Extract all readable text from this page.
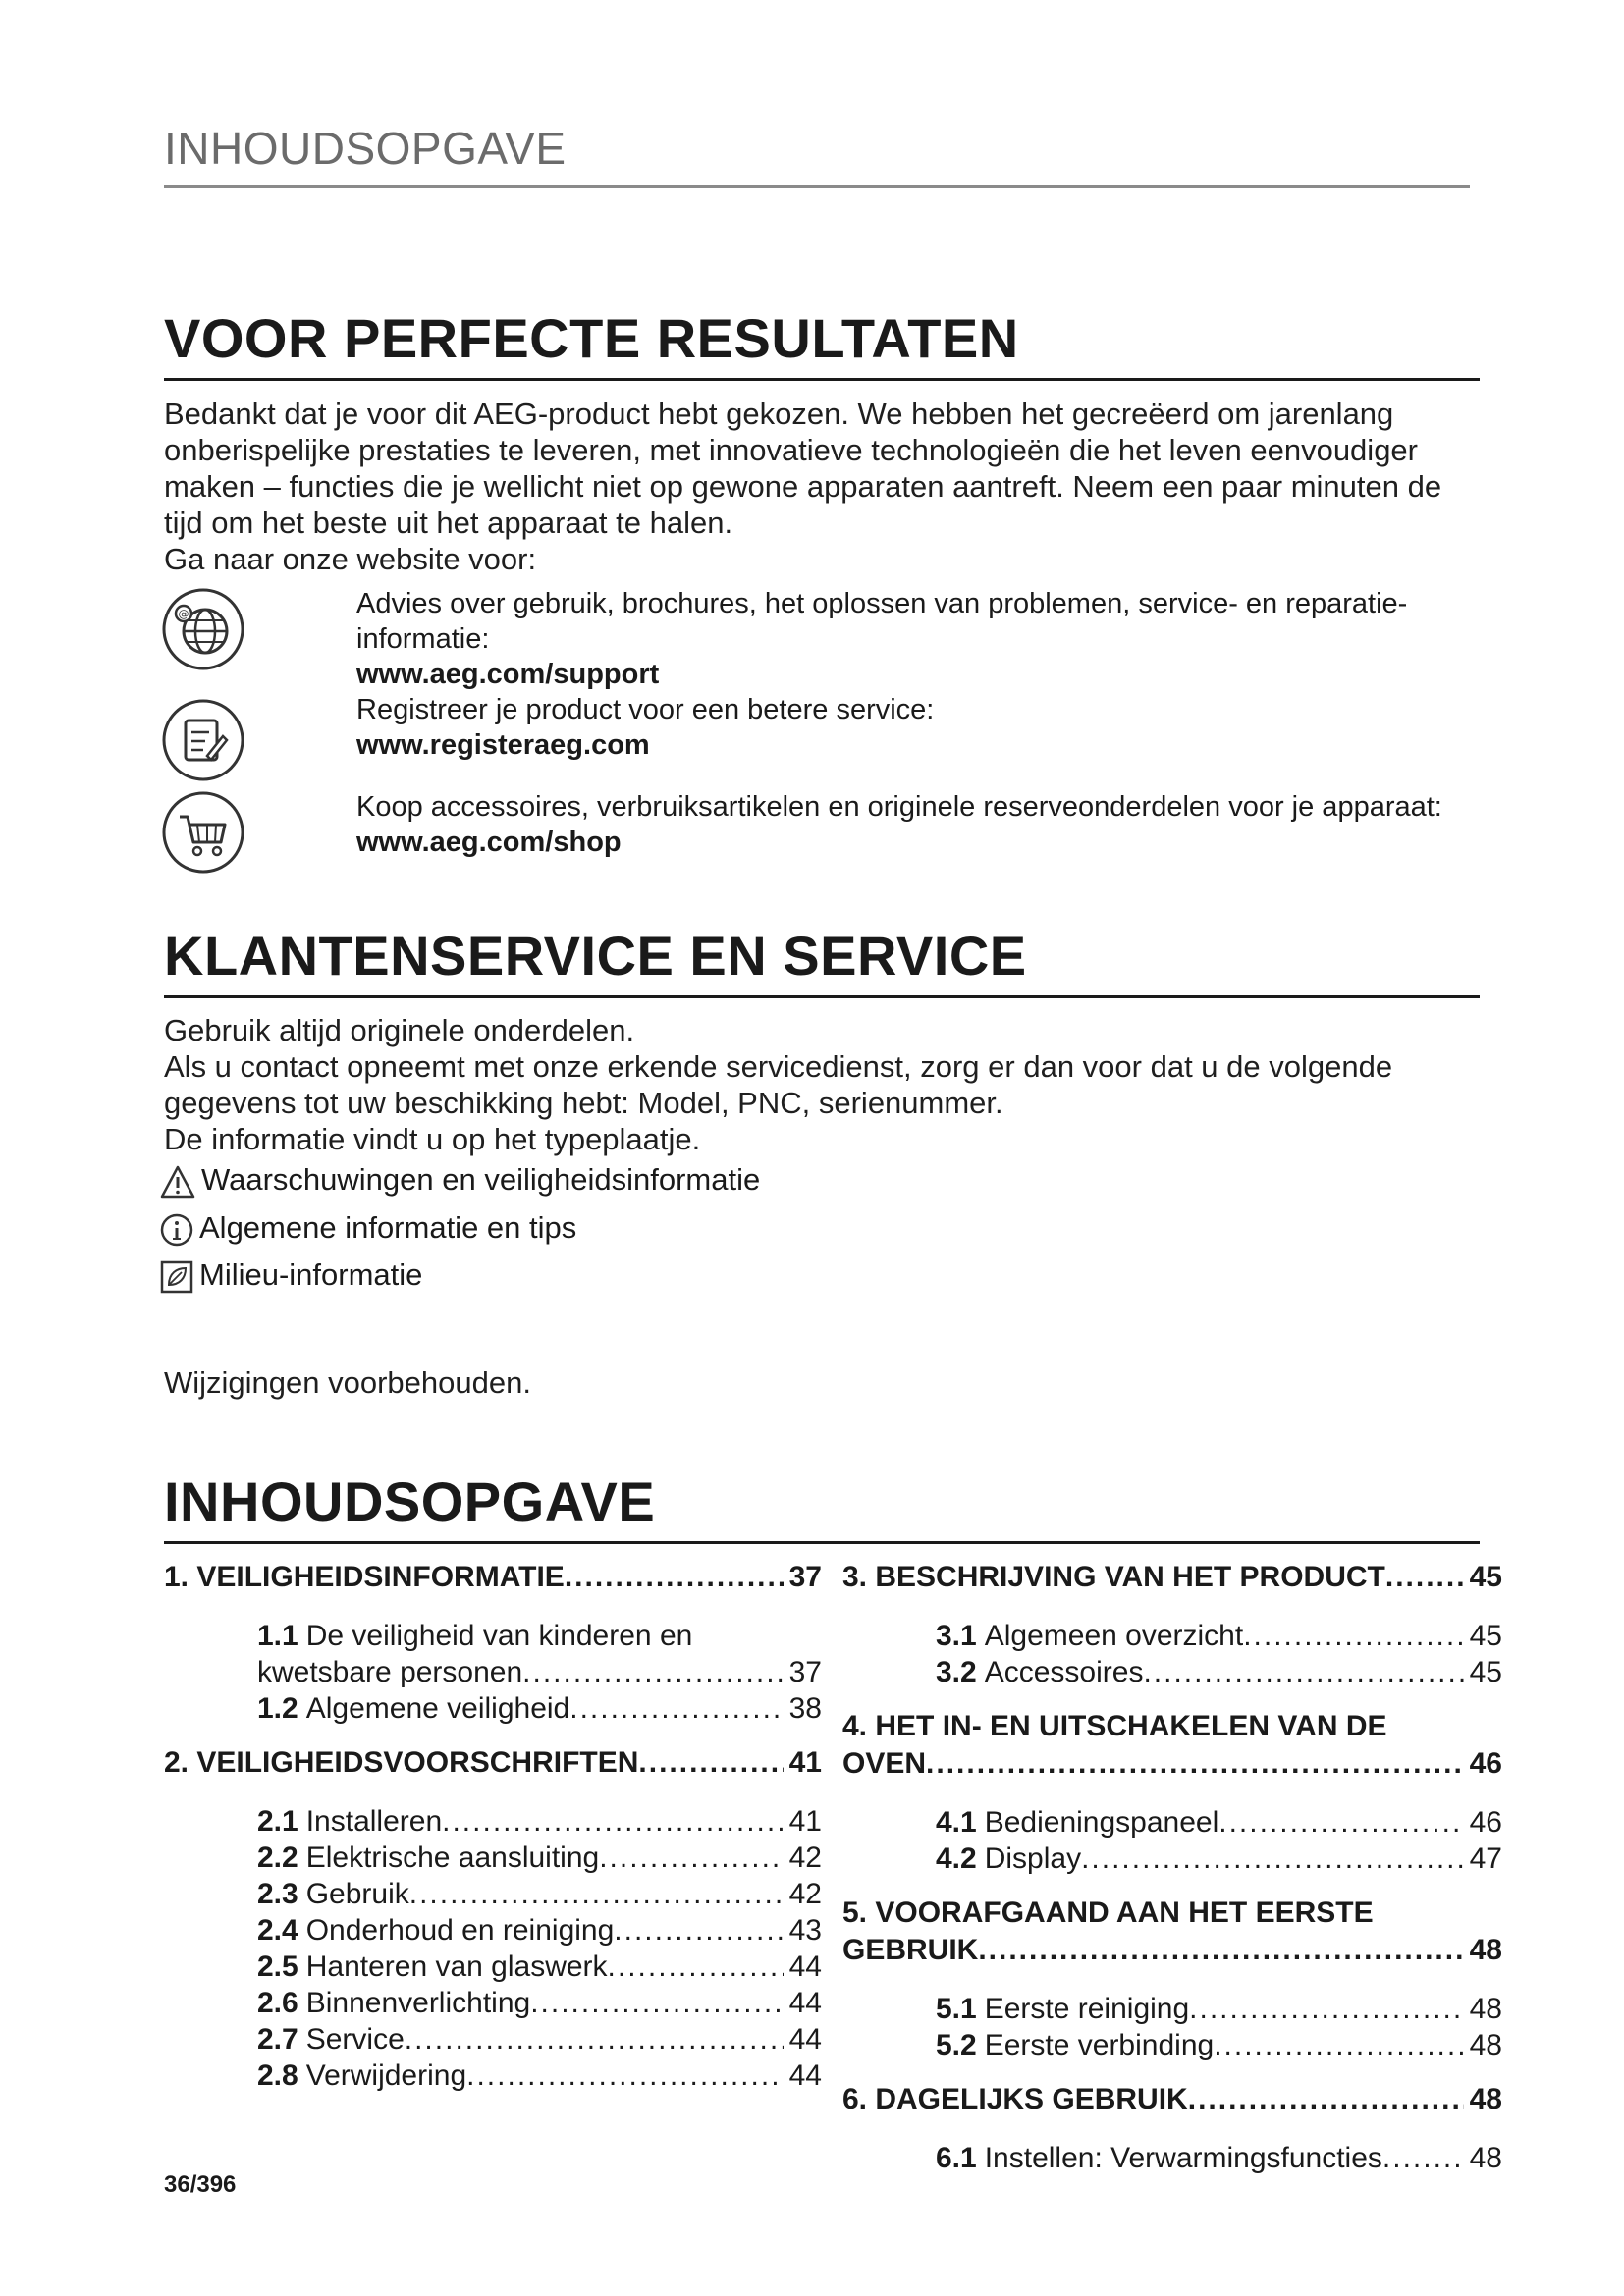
INHOUDSOPGAVE
VOOR PERFECTE RESULTATEN
Bedankt dat je voor dit AEG-product hebt gekozen. We hebben het gecreëerd om jarenlang onberispelijke prestaties te leveren, met innovatieve technologieën die het leven eenvoudiger maken – functies die je wellicht niet op gewone apparaten aantreft. Neem een paar minuten de tijd om het beste uit het apparaat te halen.
Ga naar onze website voor:
@	Advies over gebruik, brochures, het oplossen van problemen, service- en reparatie-informatie:
www.aeg.com/support
Registreer je product voor een betere service:
www.registeraeg.com
Koop accessoires, verbruiksartikelen en originele reserveonderdelen voor je apparaat:
www.aeg.com/shop
KLANTENSERVICE EN SERVICE
Gebruik altijd originele onderdelen.
Als u contact opneemt met onze erkende servicedienst, zorg er dan voor dat u de volgende gegevens tot uw beschikking hebt: Model, PNC, serienummer.
De informatie vindt u op het typeplaatje.
Waarschuwingen en veiligheidsinformatie
Algemene informatie en tips
Milieu-informatie
Wijzigingen voorbehouden.
INHOUDSOPGAVE
1. VEILIGHEIDSINFORMATIE .....	37
1.1 De veiligheid van kinderen en
kwetsbare personen .....	37
1.2 Algemene veiligheid .....	38
2. VEILIGHEIDSVOORSCHRIFTEN .....	41
2.1 Installeren .....	41
2.2 Elektrische aansluiting .....	42
2.3 Gebruik .....	42
2.4 Onderhoud en reiniging .....	43
2.5 Hanteren van glaswerk .....	44
2.6 Binnenverlichting .....	44
2.7 Service .....	44
2.8 Verwijdering .....	44
3. BESCHRIJVING VAN HET PRODUCT .....	45
3.1 Algemeen overzicht .....	45
3.2 Accessoires .....	45
4. HET IN- EN UITSCHAKELEN VAN DE
OVEN .....	46
4.1 Bedieningspaneel .....	46
4.2 Display .....	47
5. VOORAFGAAND AAN HET EERSTE
GEBRUIK .....	48
5.1 Eerste reiniging .....	48
5.2 Eerste verbinding .....	48
6. DAGELIJKS GEBRUIK .....	48
6.1 Instellen: Verwarmingsfuncties .....	48
36/396
